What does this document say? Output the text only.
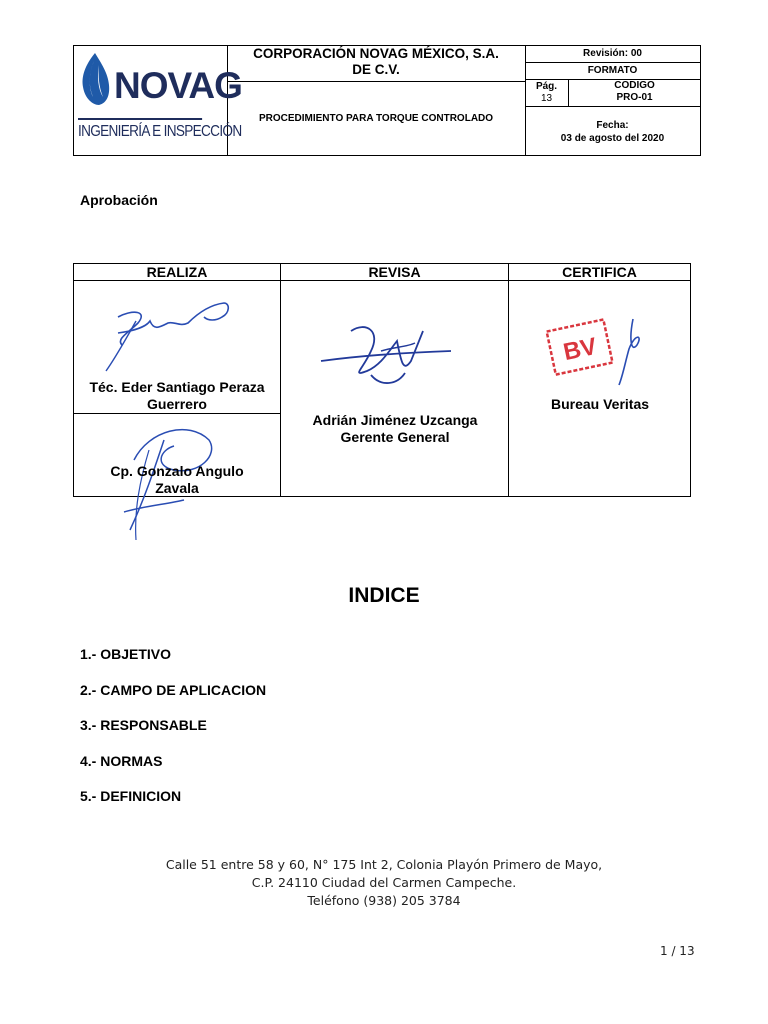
NOVAG
INGENIERÍA E INSPECCIÓN
CORPORACIÓN NOVAG MÉXICO, S.A.
DE C.V.
PROCEDIMIENTO PARA TORQUE CONTROLADO
Revisión: 00
FORMATO
Pág.
13
CODIGO
PRO-01
Fecha:
03 de agosto del 2020
Aprobación
REALIZA	REVISA	CERTIFICA
Téc. Eder Santiago Peraza
Guerrero
Cp. Gonzalo Angulo
Zavala
Adrián Jiménez Uzcanga
Gerente General
BV
Bureau Veritas
INDICE
1.- OBJETIVO
2.- CAMPO DE APLICACION
3.- RESPONSABLE
4.- NORMAS
5.- DEFINICION
Calle 51 entre 58 y 60, N° 175 Int 2, Colonia Playón Primero de Mayo,
C.P. 24110 Ciudad del Carmen Campeche.
Teléfono (938) 205 3784
1 / 13
